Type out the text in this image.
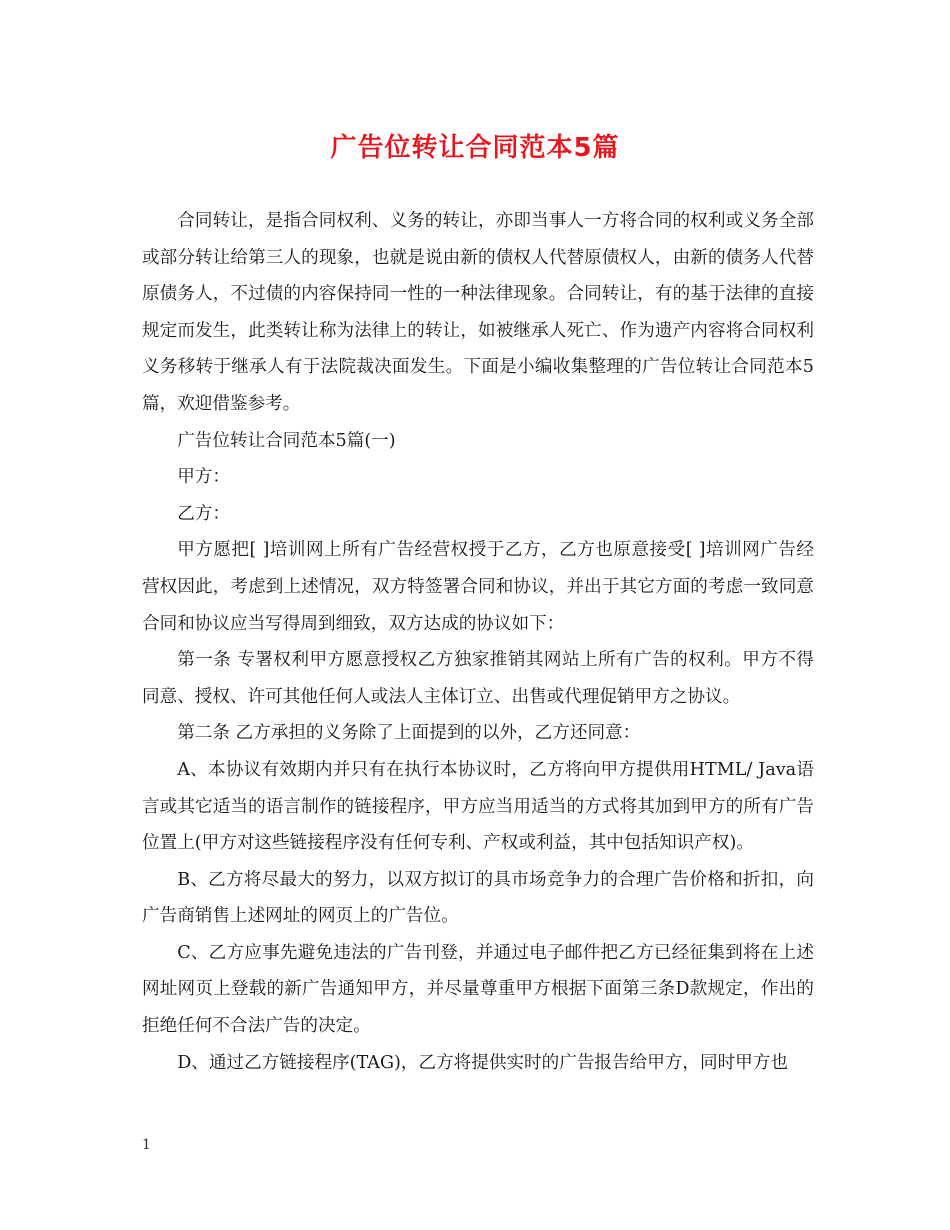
广告位转让合同范本5篇

合同转让，是指合同权利、义务的转让，亦即当事人一方将合同的权利或义务全部或部分转让给第三人的现象，也就是说由新的债权人代替原债权人，由新的债务人代替原债务人，不过债的内容保持同一性的一种法律现象。合同转让，有的基于法律的直接规定而发生，此类转让称为法律上的转让，如被继承人死亡、作为遗产内容将合同权利义务移转于继承人有于法院裁决面发生。下面是小编收集整理的广告位转让合同范本5篇，欢迎借鉴参考。

广告位转让合同范本5篇(一)

甲方：

乙方：

甲方愿把[ ]培训网上所有广告经营权授于乙方，乙方也原意接受[ ]培训网广告经营权因此，考虑到上述情况，双方特签署合同和协议，并出于其它方面的考虑一致同意合同和协议应当写得周到细致，双方达成的协议如下：

第一条 专署权利甲方愿意授权乙方独家推销其网站上所有广告的权利。甲方不得同意、授权、许可其他任何人或法人主体订立、出售或代理促销甲方之协议。

第二条 乙方承担的义务除了上面提到的以外，乙方还同意：

A、本协议有效期内并只有在执行本协议时，乙方将向甲方提供用HTML/ Java语言或其它适当的语言制作的链接程序，甲方应当用适当的方式将其加到甲方的所有广告位置上(甲方对这些链接程序没有任何专利、产权或利益，其中包括知识产权)。

B、乙方将尽最大的努力，以双方拟订的具市场竞争力的合理广告价格和折扣，向广告商销售上述网址的网页上的广告位。

C、乙方应事先避免违法的广告刊登，并通过电子邮件把乙方已经征集到将在上述网址网页上登载的新广告通知甲方，并尽量尊重甲方根据下面第三条D款规定，作出的拒绝任何不合法广告的决定。

D、通过乙方链接程序(TAG)，乙方将提供实时的广告报告给甲方，同时甲方也

1
